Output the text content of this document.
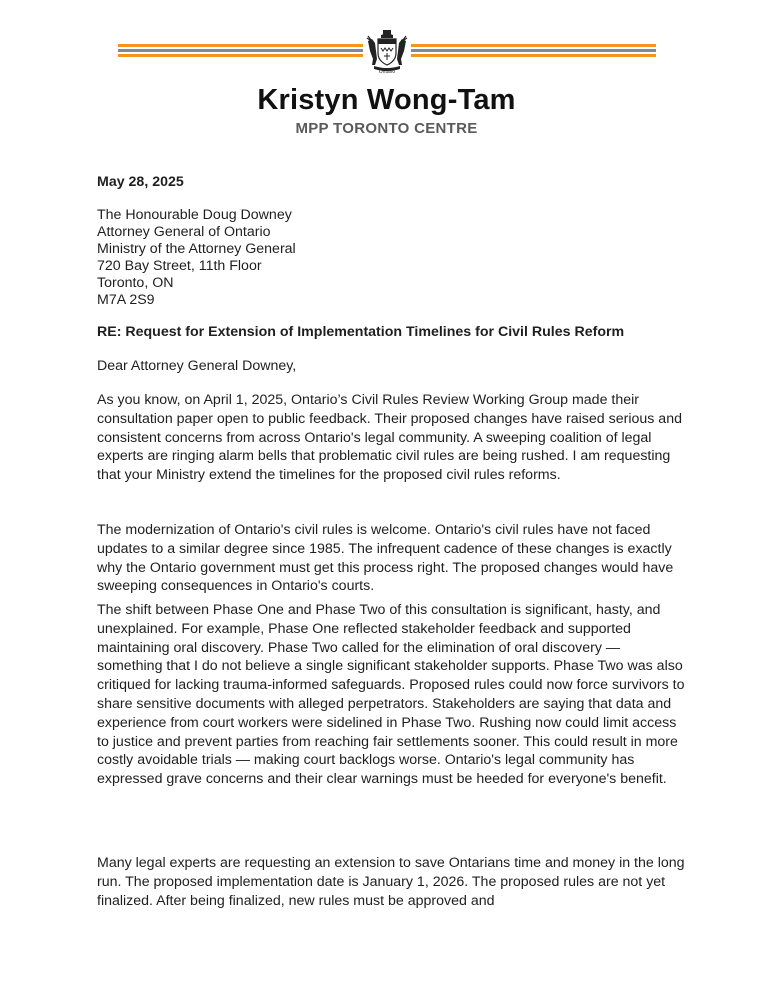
Ontario
Kristyn Wong-Tam
MPP TORONTO CENTRE
May 28, 2025
The Honourable Doug Downey
Attorney General of Ontario
Ministry of the Attorney General
720 Bay Street, 11th Floor
Toronto, ON
M7A 2S9
RE: Request for Extension of Implementation Timelines for Civil Rules Reform
Dear Attorney General Downey,
As you know, on April 1, 2025, Ontario’s Civil Rules Review Working Group made their consultation paper open to public feedback. Their proposed changes have raised serious and consistent concerns from across Ontario's legal community. A sweeping coalition of legal experts are ringing alarm bells that problematic civil rules are being rushed. I am requesting that your Ministry extend the timelines for the proposed civil rules reforms.
The modernization of Ontario's civil rules is welcome. Ontario's civil rules have not faced updates to a similar degree since 1985. The infrequent cadence of these changes is exactly why the Ontario government must get this process right. The proposed changes would have sweeping consequences in Ontario's courts.
The shift between Phase One and Phase Two of this consultation is significant, hasty, and unexplained. For example, Phase One reflected stakeholder feedback and supported maintaining oral discovery. Phase Two called for the elimination of oral discovery — something that I do not believe a single significant stakeholder supports. Phase Two was also critiqued for lacking trauma-informed safeguards. Proposed rules could now force survivors to share sensitive documents with alleged perpetrators. Stakeholders are saying that data and experience from court workers were sidelined in Phase Two. Rushing now could limit access to justice and prevent parties from reaching fair settlements sooner. This could result in more costly avoidable trials — making court backlogs worse. Ontario's legal community has expressed grave concerns and their clear warnings must be heeded for everyone's benefit.
Many legal experts are requesting an extension to save Ontarians time and money in the long run. The proposed implementation date is January 1, 2026. The proposed rules are not yet finalized. After being finalized, new rules must be approved and
